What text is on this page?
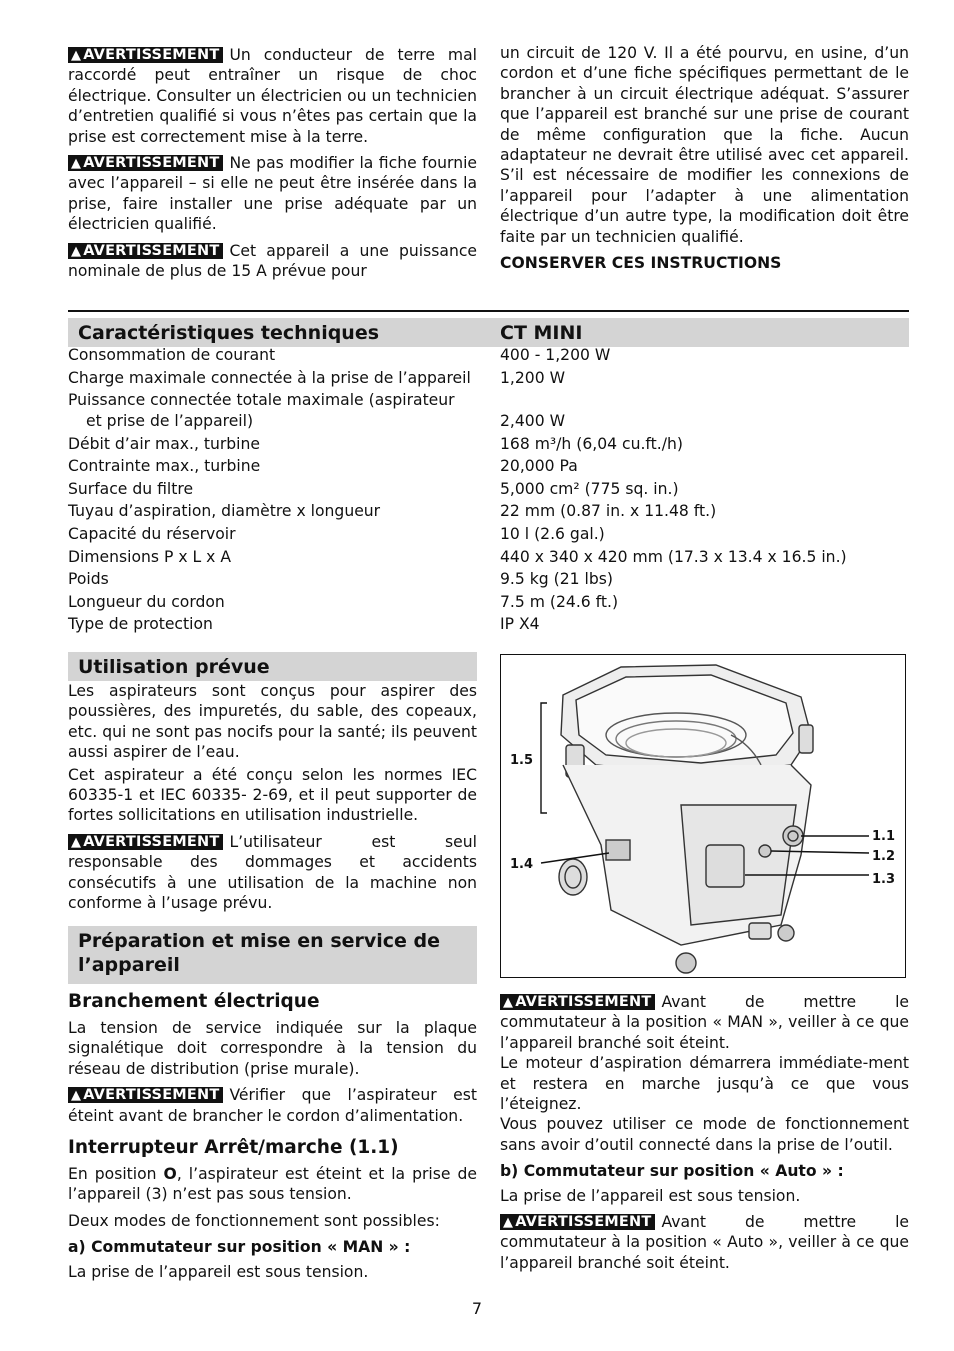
▲ AVERTISSEMENT Un conducteur de terre mal raccordé peut entraîner un risque de choc électrique. Consulter un électricien ou un technicien d’entretien qualifié si vous n’êtes pas certain que la prise est correctement mise à la terre.

▲ AVERTISSEMENT Ne pas modifier la fiche fournie avec l’appareil – si elle ne peut être insérée dans la prise, faire installer une prise adéquate par un électricien qualifié.

▲ AVERTISSEMENT Cet appareil a une puissance nominale de plus de 15 A prévue pour

un circuit de 120 V. Il a été pourvu, en usine, d’un cordon et d’une fiche spécifiques permettant de le brancher à un circuit électrique adéquat. S’assurer que l’appareil est branché sur une prise de courant de même configuration que la fiche. Aucun adaptateur ne devrait être utilisé avec cet appareil. S’il est nécessaire de modifier les connexions de l’appareil pour l’adapter à une alimentation électrique d’un autre type, la modification doit être faite par un technicien qualifié.

CONSERVER CES INSTRUCTIONS

Caractéristiques techniques	CT MINI
Consommation de courant	400 - 1,200 W
Charge maximale connectée à la prise de l’appareil	1,200 W
Puissance connectée totale maximale (aspirateur
et prise de l’appareil)	2,400 W
Débit d’air max., turbine	168 m³/h (6,04 cu.ft./h)
Contrainte max., turbine	20,000 Pa
Surface du filtre	5,000 cm² (775 sq. in.)
Tuyau d’aspiration, diamètre x longueur	22 mm (0.87 in. x 11.48 ft.)
Capacité du réservoir	10 l (2.6 gal.)
Dimensions P x L x A	440 x 340 x 420 mm (17.3 x 13.4 x 16.5 in.)
Poids	9.5 kg (21 lbs)
Longueur du cordon	7.5 m (24.6 ft.)
Type de protection	IP X4
Utilisation prévue

Les aspirateurs sont conçus pour aspirer des poussières, des impuretés, du sable, des copeaux, etc. qui ne sont pas nocifs pour la santé; ils peuvent aussi aspirer de l’eau.

Cet aspirateur a été conçu selon les normes IEC 60335-1 et IEC 60335- 2-69, et il peut supporter de fortes sollicitations en utilisation industrielle.

▲ AVERTISSEMENT L’utilisateur est seul responsable des dommages et accidents consécutifs à une utilisation de la machine non conforme à l’usage prévu.

Préparation et mise en service de l’appareil
Branchement électrique

La tension de service indiquée sur la plaque signalétique doit correspondre à la tension du réseau de distribution (prise murale).

▲ AVERTISSEMENT Vérifier que l’aspirateur est éteint avant de brancher le cordon d’alimentation.

Interrupteur Arrêt/marche (1.1)

En position O, l’aspirateur est éteint et la prise de l’appareil (3) n’est pas sous tension.

Deux modes de fonctionnement sont possibles:

a) Commutateur sur position « MAN » :

La prise de l’appareil est sous tension.

1.5
1.4
1.1
1.2
1.3

▲ AVERTISSEMENT Avant de mettre le commutateur à la position « MAN », veiller à ce que l’appareil branché soit éteint.

Le moteur d’aspiration démarrera immédiate-ment et restera en marche jusqu’à ce que vous l’éteignez.

Vous pouvez utiliser ce mode de fonctionnement sans avoir d’outil connecté dans la prise de l’outil.

b) Commutateur sur position « Auto » :

La prise de l’appareil est sous tension.

▲ AVERTISSEMENT Avant de mettre le commutateur à la position « Auto », veiller à ce que l’appareil branché soit éteint.

7
